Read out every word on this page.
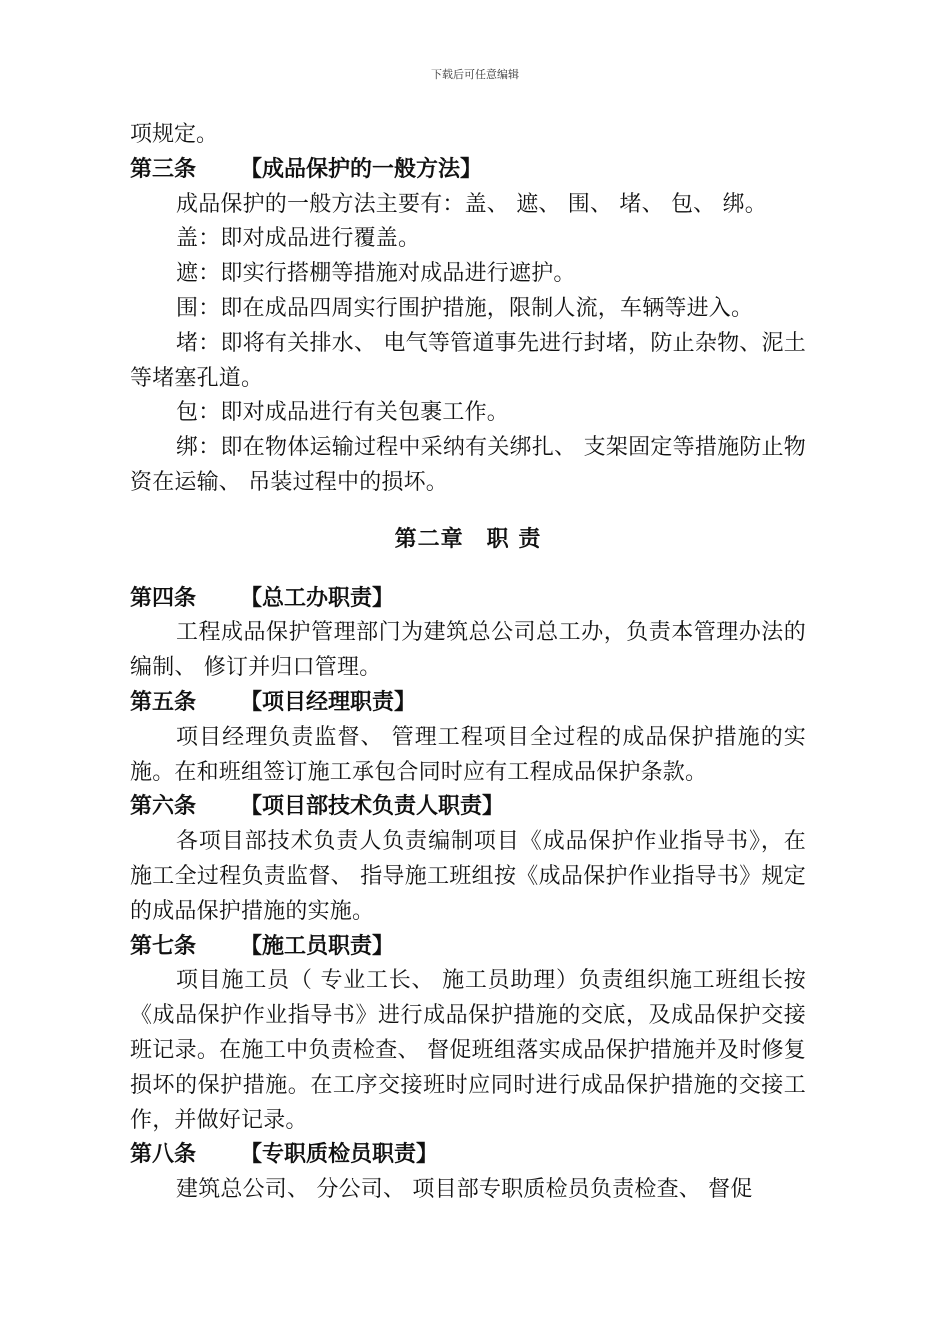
下载后可任意编辑
项规定。
第三条 【成品保护的一般方法】

成品保护的一般方法主要有：盖、 遮、 围、 堵、 包、 绑。

盖：即对成品进行覆盖。

遮：即实行搭棚等措施对成品进行遮护。

围：即在成品四周实行围护措施，限制人流，车辆等进入。

堵：即将有关排水、 电气等管道事先进行封堵，防止杂物、泥土等堵塞孔道。

包：即对成品进行有关包裹工作。

绑：即在物体运输过程中采纳有关绑扎、 支架固定等措施防止物资在运输、 吊装过程中的损坏。

第二章　职 责
第四条 【总工办职责】

工程成品保护管理部门为建筑总公司总工办，负责本管理办法的编制、 修订并归口管理。

第五条 【项目经理职责】

项目经理负责监督、 管理工程项目全过程的成品保护措施的实施。在和班组签订施工承包合同时应有工程成品保护条款。

第六条 【项目部技术负责人职责】

各项目部技术负责人负责编制项目《成品保护作业指导书》，在施工全过程负责监督、 指导施工班组按《成品保护作业指导书》规定的成品保护措施的实施。

第七条 【施工员职责】

项目施工员（ 专业工长、 施工员助理）负责组织施工班组长按《成品保护作业指导书》进行成品保护措施的交底，及成品保护交接班记录。在施工中负责检查、 督促班组落实成品保护措施并及时修复损坏的保护措施。在工序交接班时应同时进行成品保护措施的交接工作，并做好记录。

第八条 【专职质检员职责】

建筑总公司、 分公司、 项目部专职质检员负责检查、 督促
